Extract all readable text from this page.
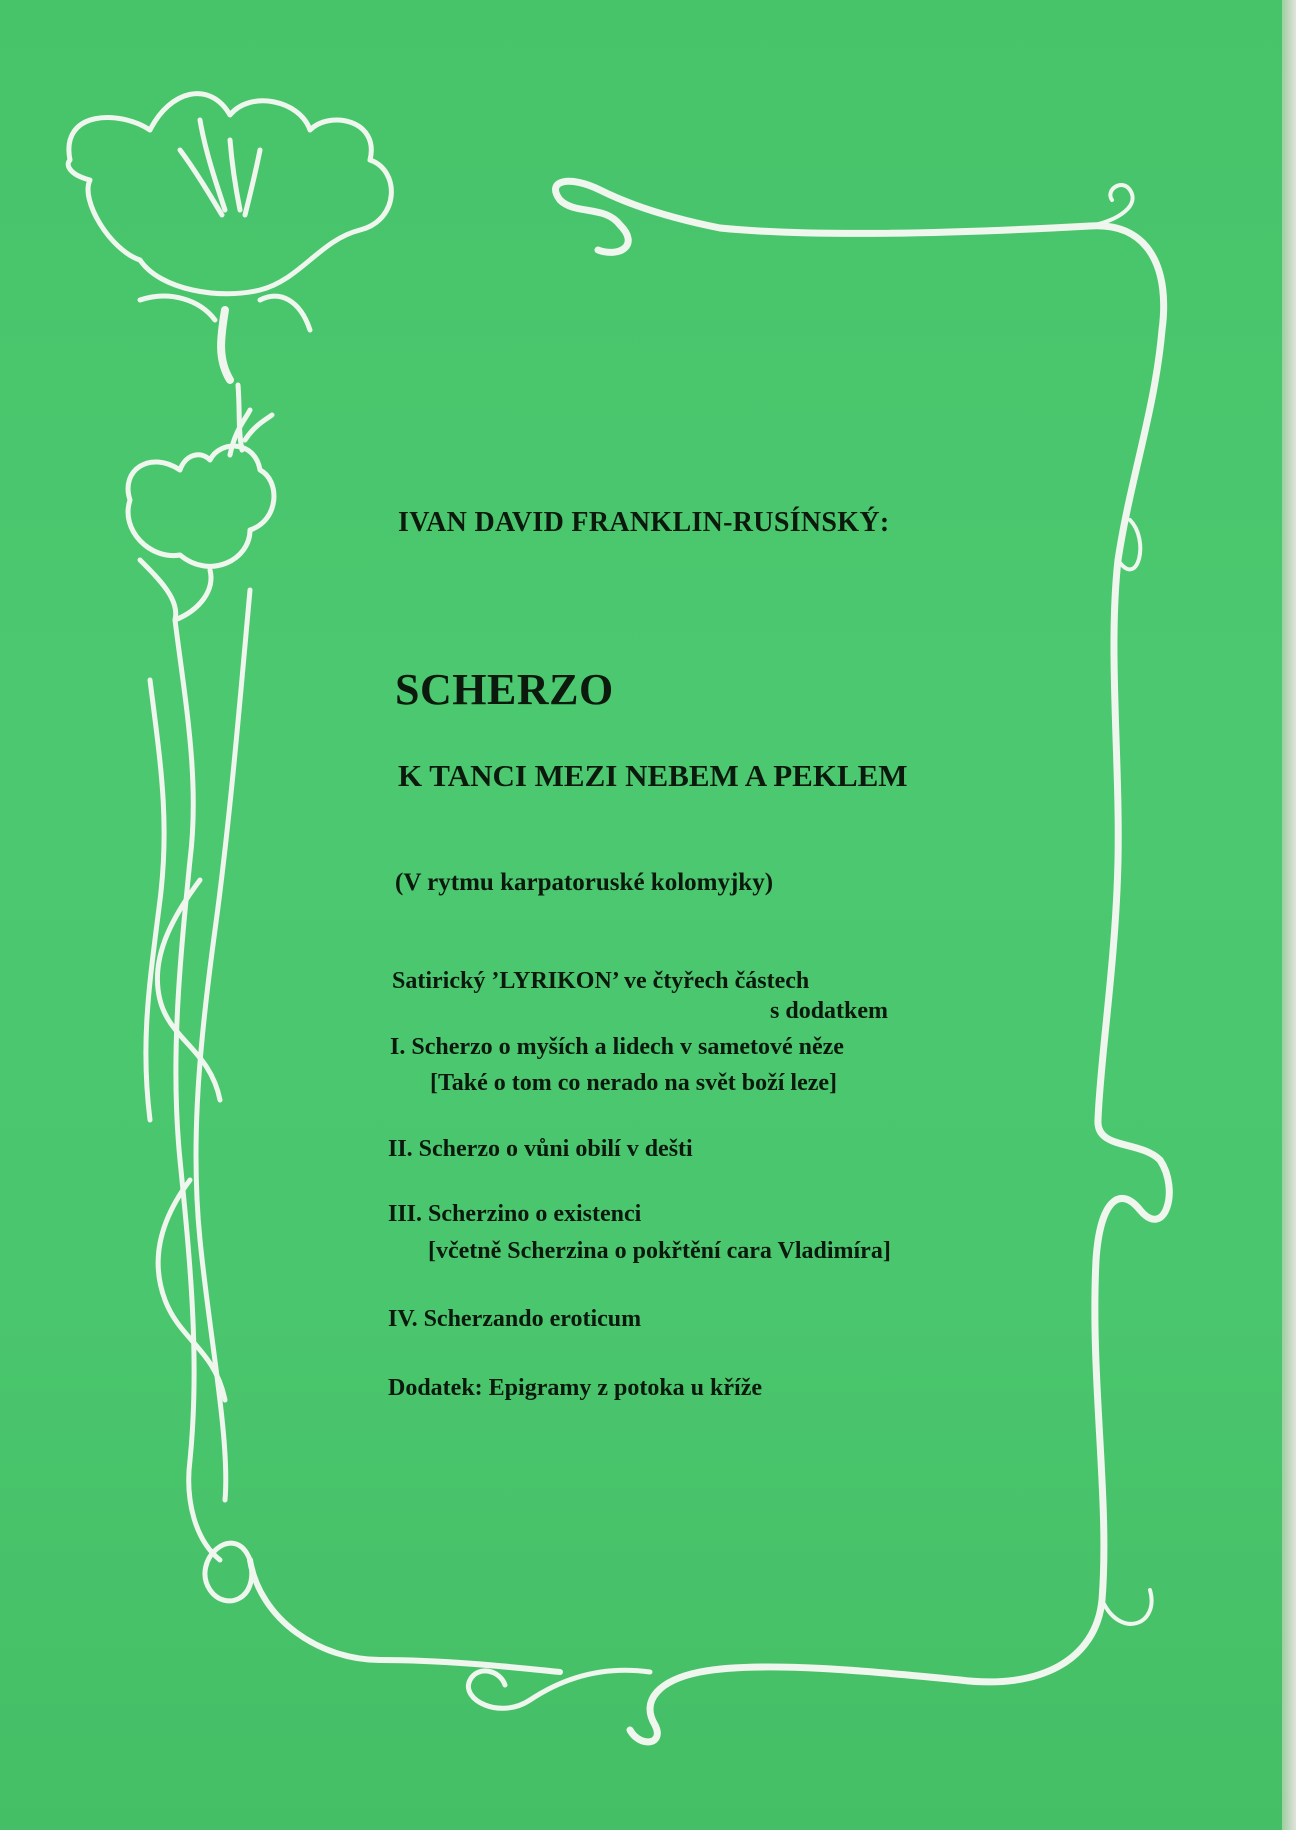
IVAN DAVID FRANKLIN-RUSÍNSKÝ:

SCHERZO

K TANCI MEZI NEBEM A PEKLEM

(V rytmu karpatoruské kolomyjky)

Satirický ’LYRIKON’ ve čtyřech částech

s dodatkem

I. Scherzo o myších a lidech v sametové něze

[Také o tom co nerado na svět boží leze]

II. Scherzo o vůni obilí v dešti

III. Scherzino o existenci

[včetně Scherzina o pokřtění cara Vladimíra]

IV. Scherzando eroticum

Dodatek: Epigramy z potoka u kříže
